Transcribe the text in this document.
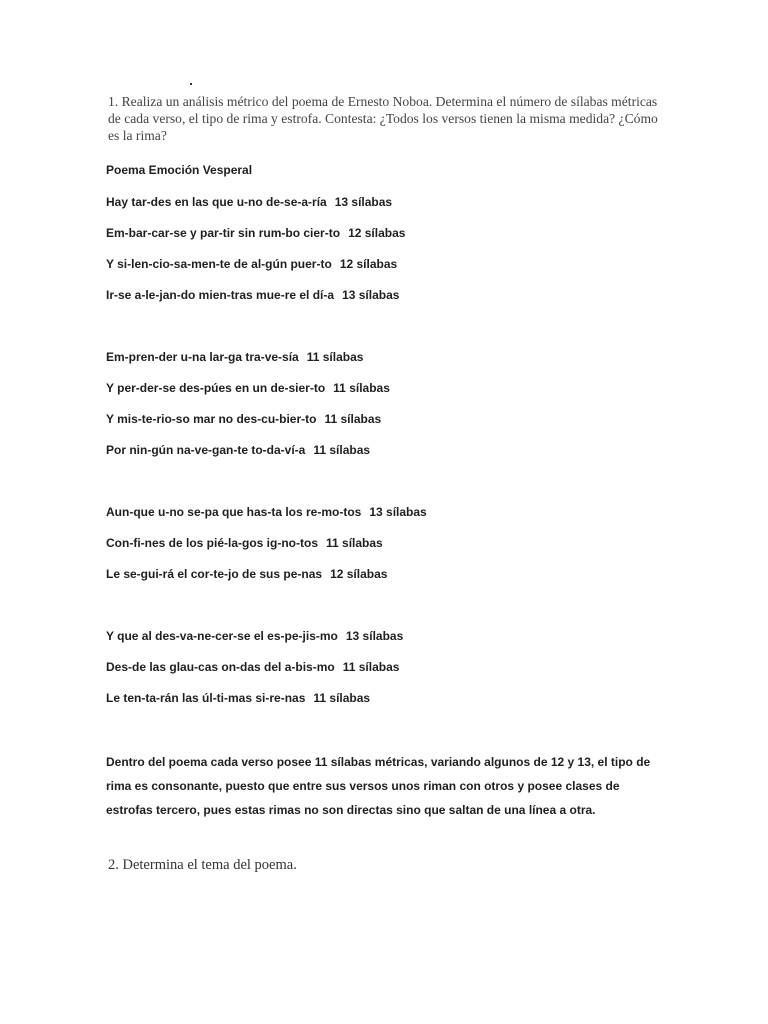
1. Realiza un análisis métrico del poema de Ernesto Noboa. Determina el número de sílabas métricas de cada verso, el tipo de rima y estrofa. Contesta: ¿Todos los versos tienen la misma medida? ¿Cómo es la rima?
Poema Emoción Vesperal
Hay tar-des en las que u-no de-se-a-ría 13 sílabas
Em-bar-car-se y par-tir sin rum-bo cier-to 12 sílabas
Y si-len-cio-sa-men-te de al-gún puer-to 12 sílabas
Ir-se a-le-jan-do mien-tras mue-re el dí-a 13 sílabas
Em-pren-der u-na lar-ga tra-ve-sía 11 sílabas
Y per-der-se des-púes en un de-sier-to 11 sílabas
Y mis-te-rio-so mar no des-cu-bier-to 11 sílabas
Por nin-gún na-ve-gan-te to-da-ví-a 11 sílabas
Aun-que u-no se-pa que has-ta los re-mo-tos 13 sílabas
Con-fi-nes de los pié-la-gos ig-no-tos 11 sílabas
Le se-gui-rá el cor-te-jo de sus pe-nas 12 sílabas
Y que al des-va-ne-cer-se el es-pe-jis-mo 13 sílabas
Des-de las glau-cas on-das del a-bis-mo 11 sílabas
Le ten-ta-rán las úl-ti-mas si-re-nas 11 sílabas
Dentro del poema cada verso posee 11 sílabas métricas, variando algunos de 12 y 13, el tipo de rima es consonante, puesto que entre sus versos unos riman con otros y posee clases de estrofas tercero, pues estas rimas no son directas sino que saltan de una línea a otra.
2. Determina el tema del poema.
